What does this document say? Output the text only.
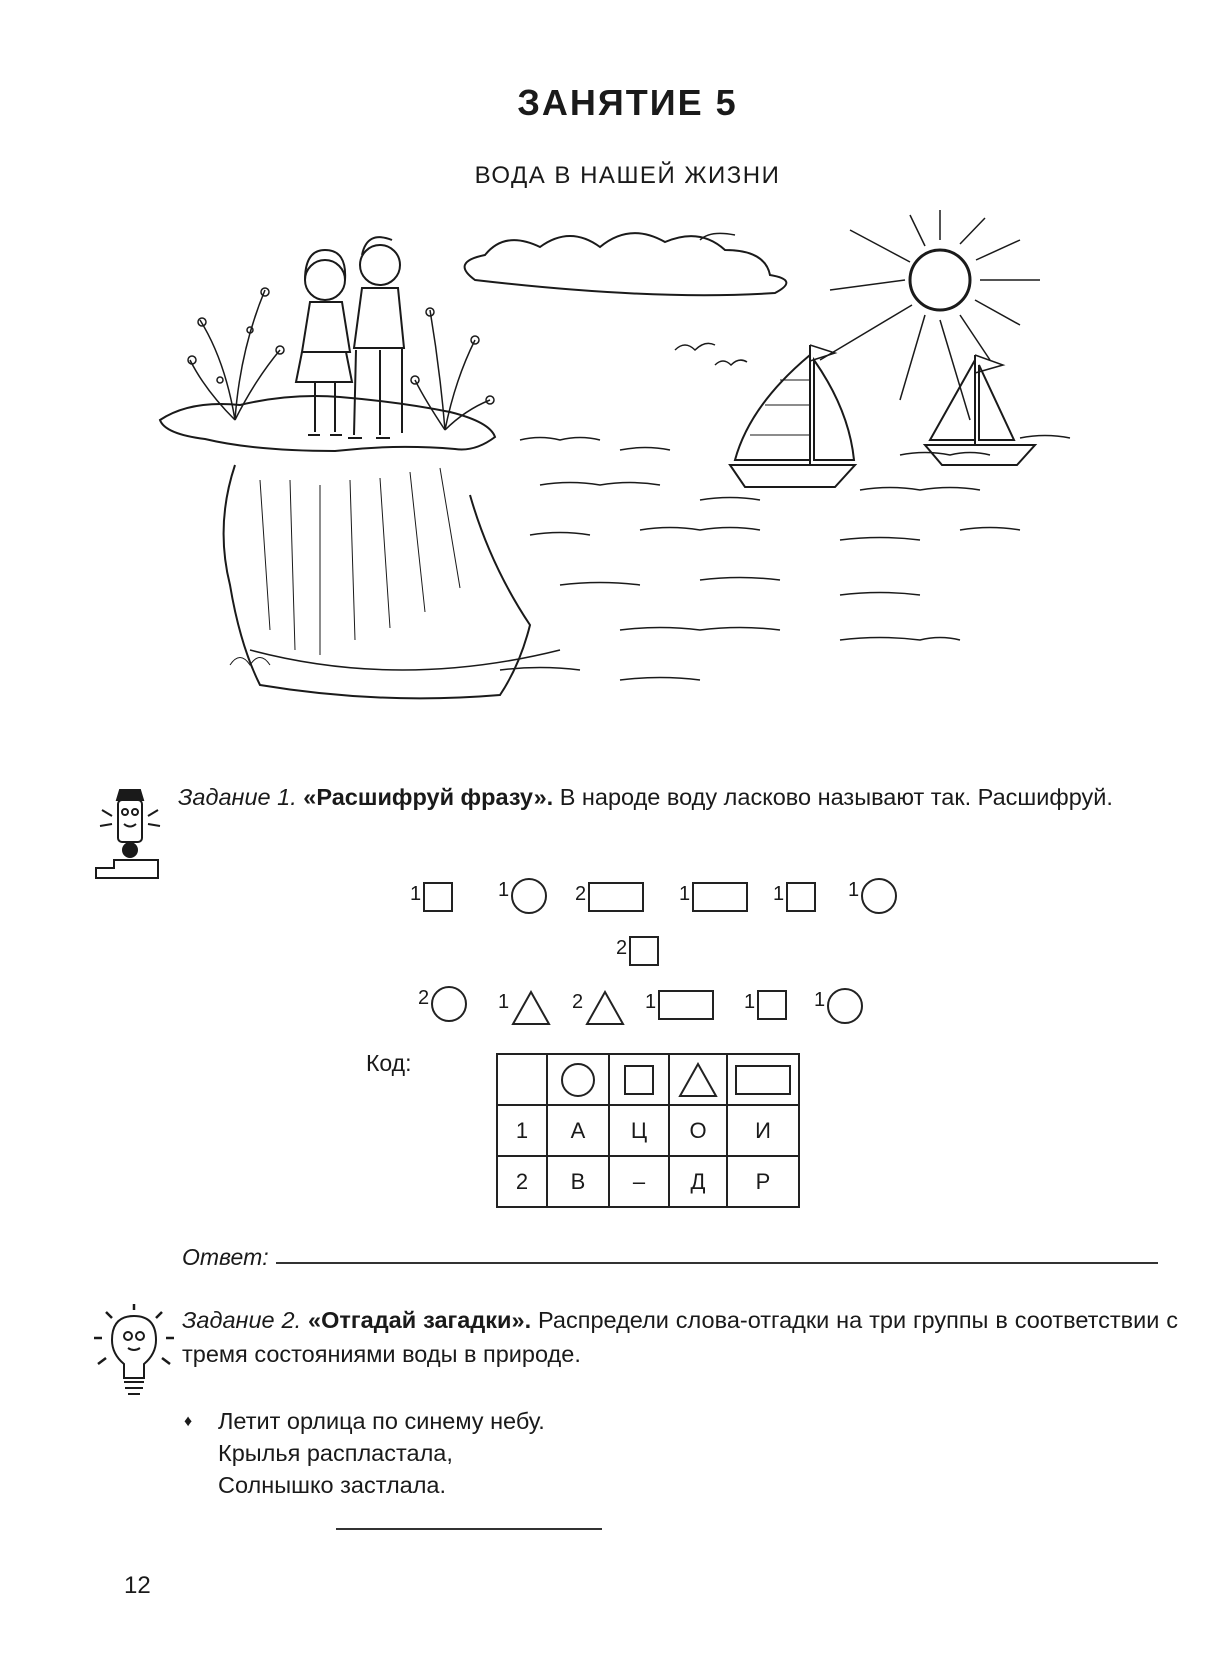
ЗАНЯТИЕ 5
ВОДА В НАШЕЙ ЖИЗНИ
Задание 1. «Расшифруй фразу». В народе воду ласково называют так. Расшифруй.
1	1	2	1	1	1
2
2	1	2	1	1	1
Код:

1	А	Ц	О	И
2	В	–	Д	Р
Ответ:
Задание 2. «Отгадай загадки». Распредели слова-отгадки на три группы в соответствии с тремя состояниями воды в природе.
♦ Летит орлица по синему небу.
Крылья распластала,
Солнышко застлала.
12
